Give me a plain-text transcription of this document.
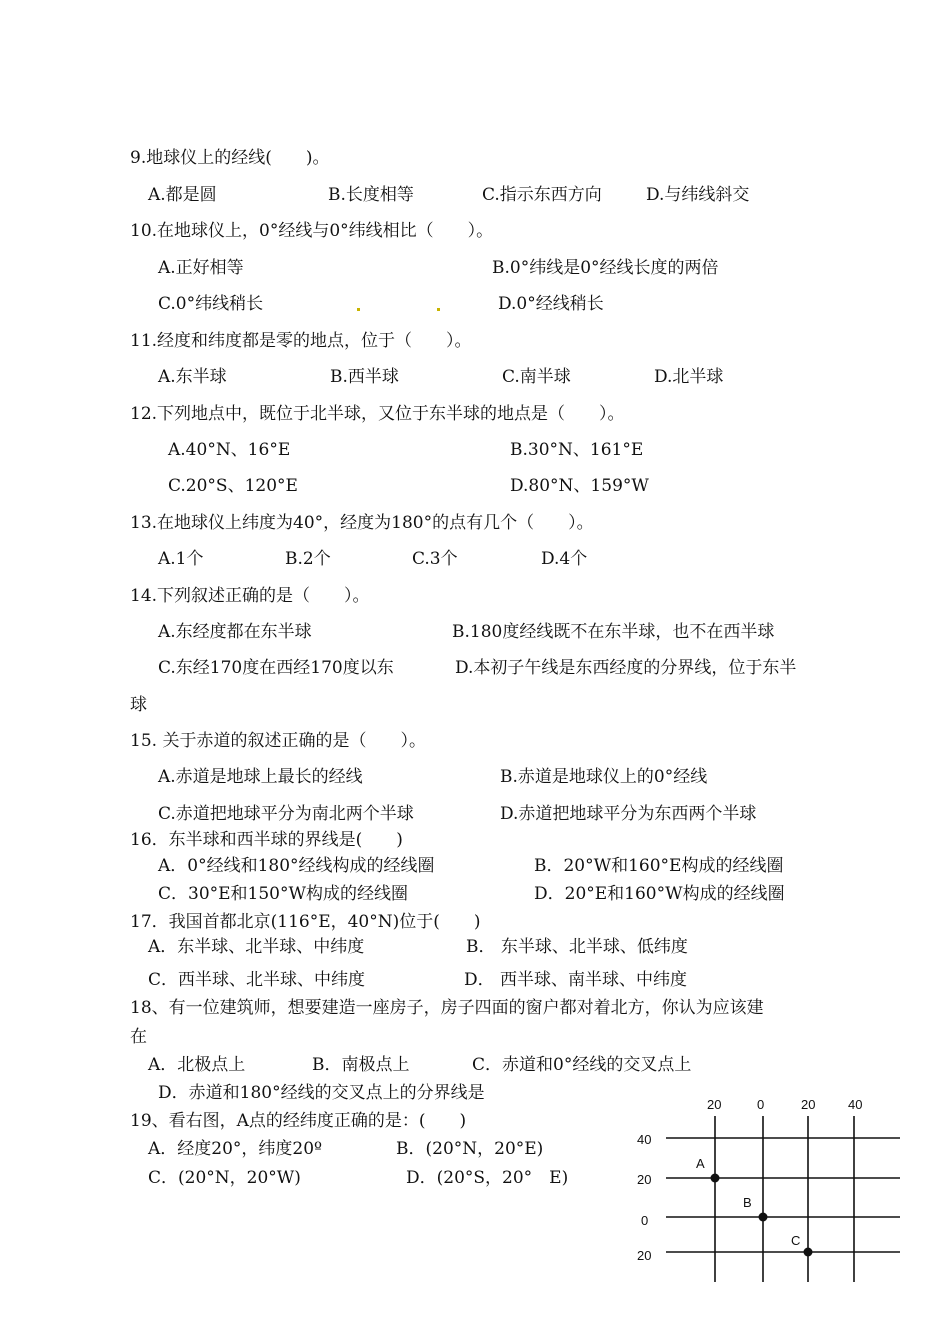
9.地球仪上的经线(　　)。
A.都是圆	B.长度相等	C.指示东西方向	D.与纬线斜交
10.在地球仪上，0°经线与0°纬线相比（　　）。
A.正好相等	B.0°纬线是0°经线长度的两倍
C.0°纬线稍长	D.0°经线稍长
11.经度和纬度都是零的地点，位于（　　）。
A.东半球	B.西半球	C.南半球	D.北半球
12.下列地点中，既位于北半球，又位于东半球的地点是（　　）。
A.40°N、16°E	B.30°N、161°E
C.20°S、120°E	D.80°N、159°W
13.在地球仪上纬度为40°，经度为180°的点有几个（　　）。
A.1个	B.2个	C.3个	D.4个
14.下列叙述正确的是（　　）。
A.东经度都在东半球	B.180度经线既不在东半球，也不在西半球
C.东经170度在西经170度以东	D.本初子午线是东西经度的分界线，位于东半
球
15. 关于赤道的叙述正确的是（　　）。
A.赤道是地球上最长的经线	B.赤道是地球仪上的0°经线
C.赤道把地球平分为南北两个半球	D.赤道把地球平分为东西两个半球
16．东半球和西半球的界线是(　　)
A．0°经线和180°经线构成的经线圈	B．20°W和160°E构成的经线圈
C．30°E和150°W构成的经线圈	D．20°E和160°W构成的经线圈
17．我国首都北京(116°E，40°N)位于(　　)
A．东半球、北半球、中纬度	B． 东半球、北半球、低纬度
C．西半球、北半球、中纬度	D． 西半球、南半球、中纬度
18、有一位建筑师，想要建造一座房子，房子四面的窗户都对着北方，你认为应该建
在
A．北极点上	B．南极点上	C．赤道和0°经线的交叉点上
D．赤道和180°经线的交叉点上的分界线是
19、看右图，A点的经纬度正确的是：(　　)
A．经度20°，纬度20º	B．(20°N，20°E)
C．(20°N，20°W)	D．(20°S，20°　E)
20	0	20	40
40
20
0
20
A
B
C
